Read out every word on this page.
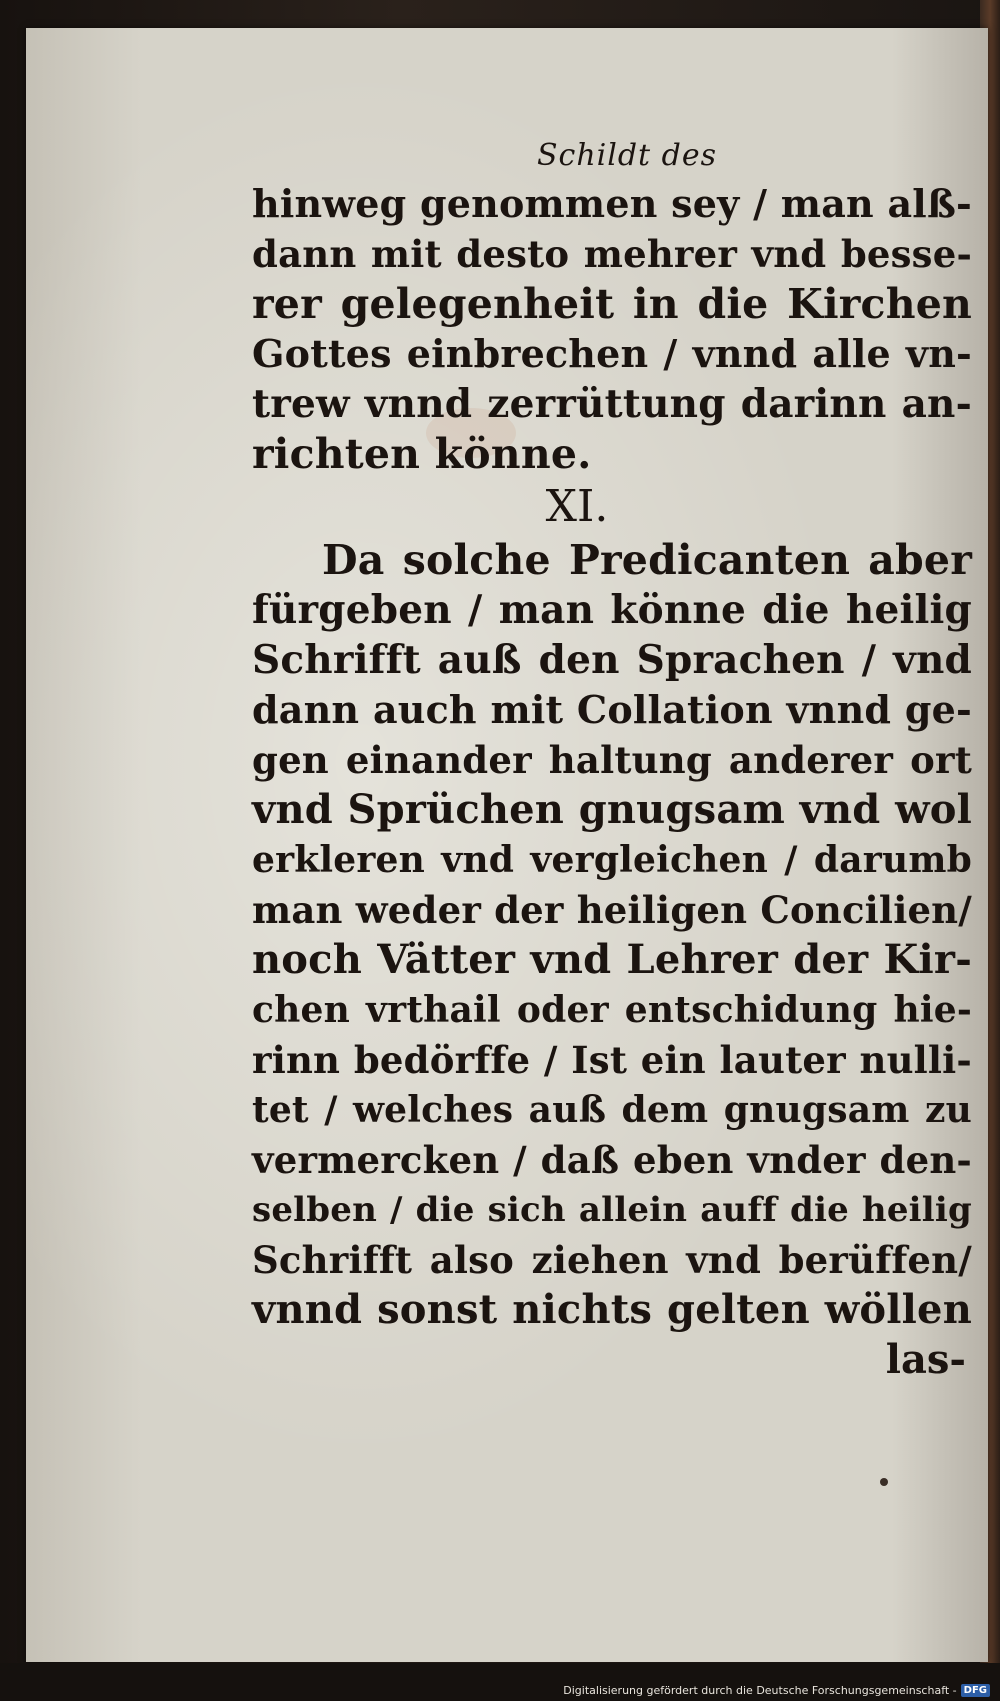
Schildt des
hinweg genommen sey / man alß-
dann mit desto mehrer vnd besse-
rer gelegenheit in die Kirchen
Gottes einbrechen / vnnd alle vn-
trew vnnd zerrüttung darinn an-
richten könne.
XI.
Da solche Predicanten aber
fürgeben / man könne die heilig
Schrifft auß den Sprachen / vnd
dann auch mit Collation vnnd ge-
gen einander haltung anderer ort
vnd Sprüchen gnugsam vnd wol
erkleren vnd vergleichen / darumb
man weder der heiligen Concilien/
noch Vätter vnd Lehrer der Kir-
chen vrthail oder entschidung hie-
rinn bedörffe / Ist ein lauter nulli-
tet / welches auß dem gnugsam zu
vermercken / daß eben vnder den-
selben / die sich allein auff die heilig
Schrifft also ziehen vnd berüffen/
vnnd sonst nichts gelten wöllen
las-
Digitalisierung gefördert durch die Deutsche Forschungsgemeinschaft - DFG
